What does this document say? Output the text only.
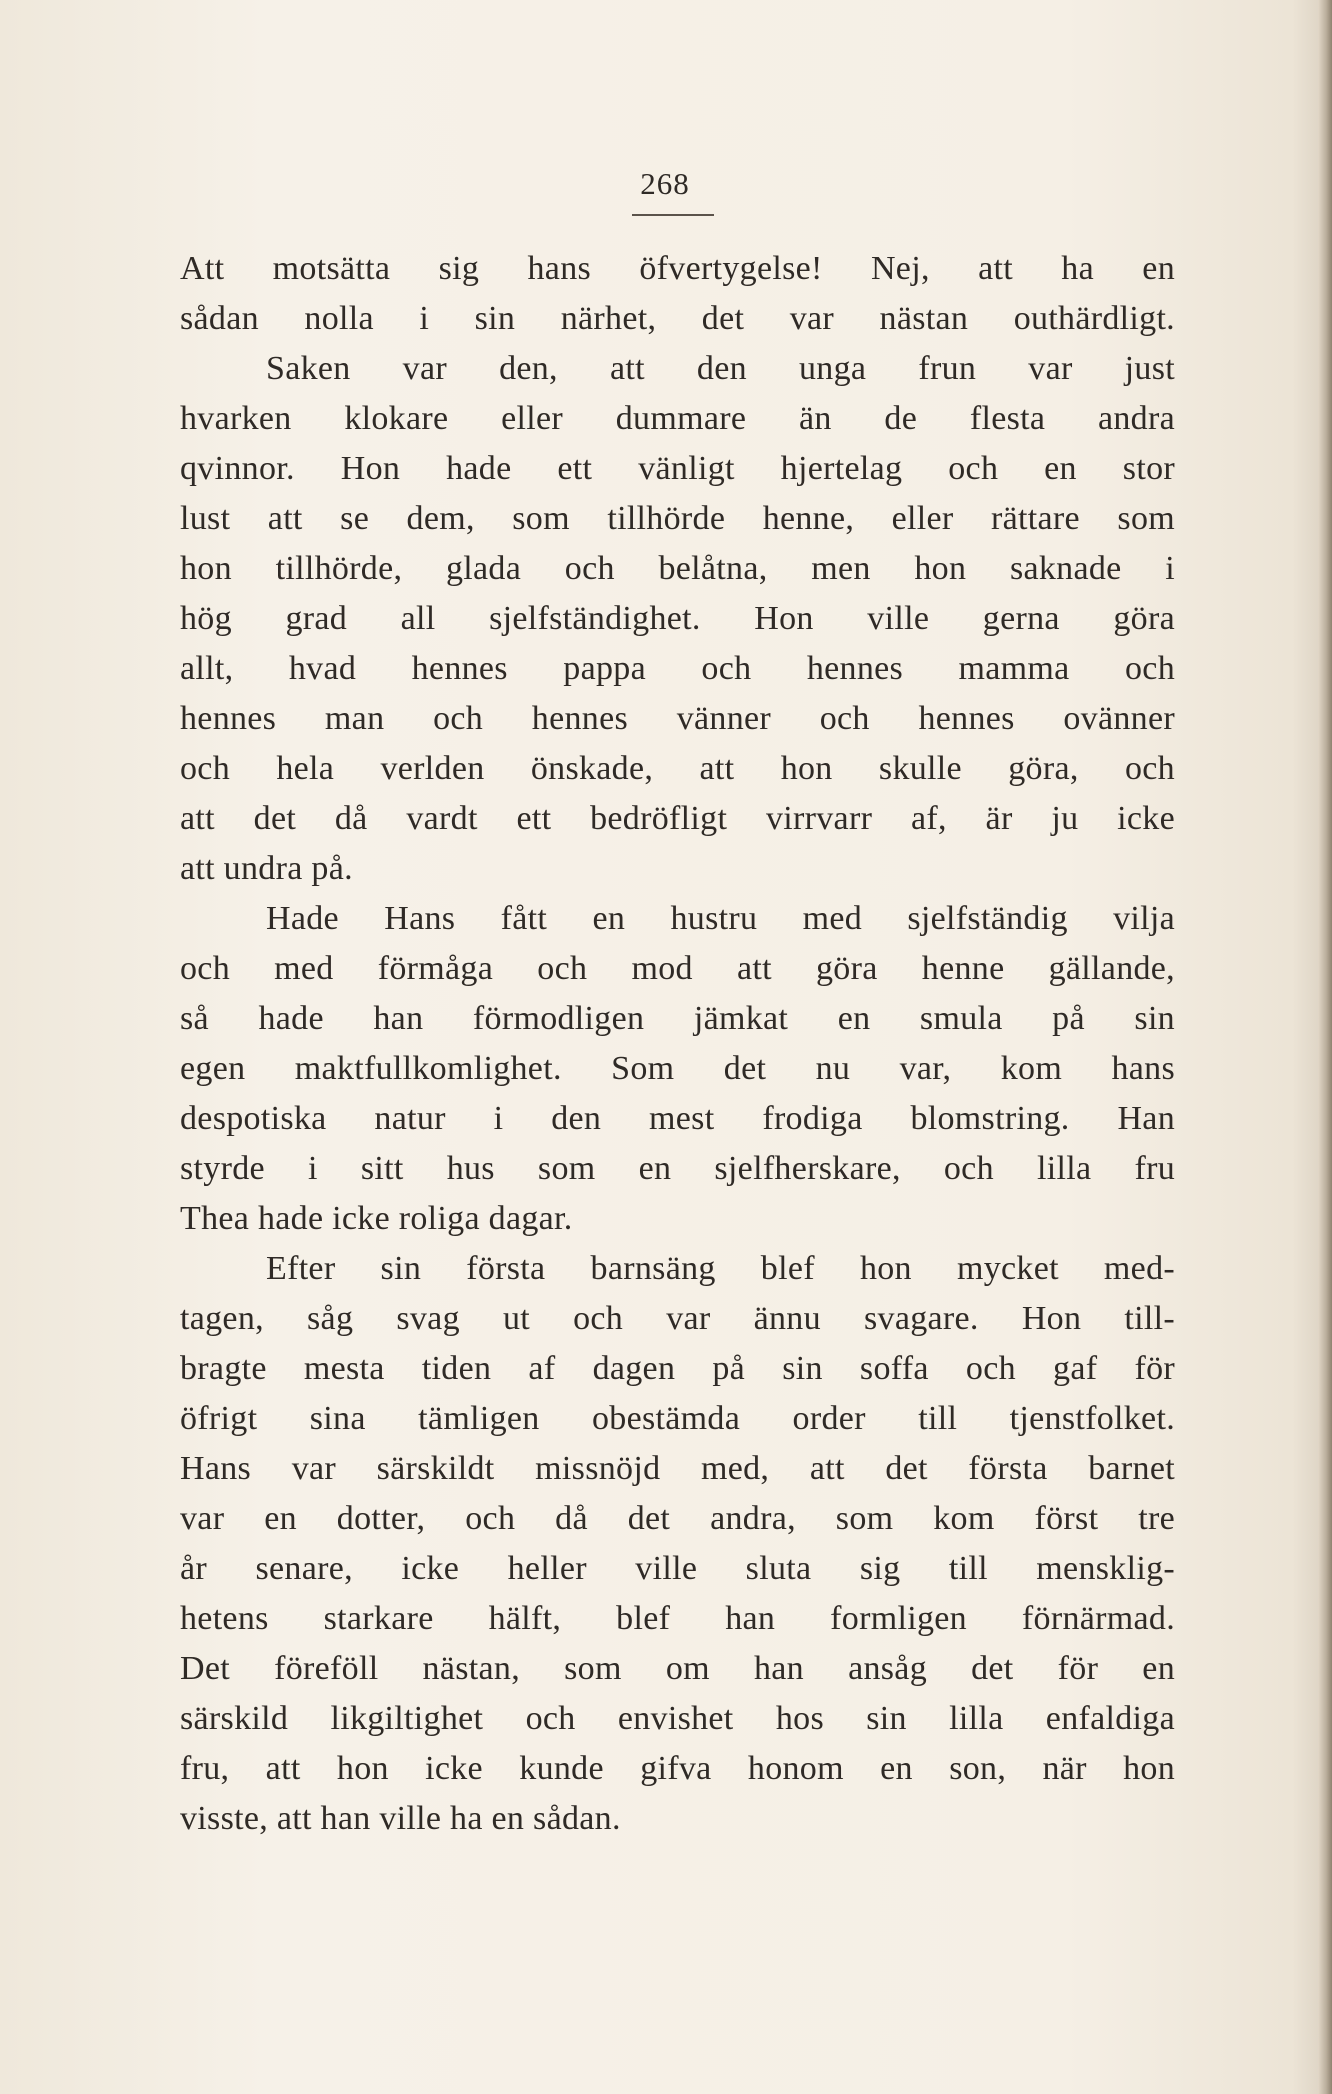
268
Att motsätta sig hans öfvertygelse! Nej, att ha en
sådan nolla i sin närhet, det var nästan outhärdligt.
Saken var den, att den unga frun var just
hvarken klokare eller dummare än de flesta andra
qvinnor. Hon hade ett vänligt hjertelag och en stor
lust att se dem, som tillhörde henne, eller rättare som
hon tillhörde, glada och belåtna, men hon saknade i
hög grad all sjelfständighet. Hon ville gerna göra
allt, hvad hennes pappa och hennes mamma och
hennes man och hennes vänner och hennes ovänner
och hela verlden önskade, att hon skulle göra, och
att det då vardt ett bedröfligt virrvarr af, är ju icke
att undra på.
Hade Hans fått en hustru med sjelfständig vilja
och med förmåga och mod att göra henne gällande,
så hade han förmodligen jämkat en smula på sin
egen maktfullkomlighet. Som det nu var, kom hans
despotiska natur i den mest frodiga blomstring. Han
styrde i sitt hus som en sjelfherskare, och lilla fru
Thea hade icke roliga dagar.
Efter sin första barnsäng blef hon mycket med-
tagen, såg svag ut och var ännu svagare. Hon till-
bragte mesta tiden af dagen på sin soffa och gaf för
öfrigt sina tämligen obestämda order till tjenstfolket.
Hans var särskildt missnöjd med, att det första barnet
var en dotter, och då det andra, som kom först tre
år senare, icke heller ville sluta sig till mensklig-
hetens starkare hälft, blef han formligen förnärmad.
Det föreföll nästan, som om han ansåg det för en
särskild likgiltighet och envishet hos sin lilla enfaldiga
fru, att hon icke kunde gifva honom en son, när hon
visste, att han ville ha en sådan.
